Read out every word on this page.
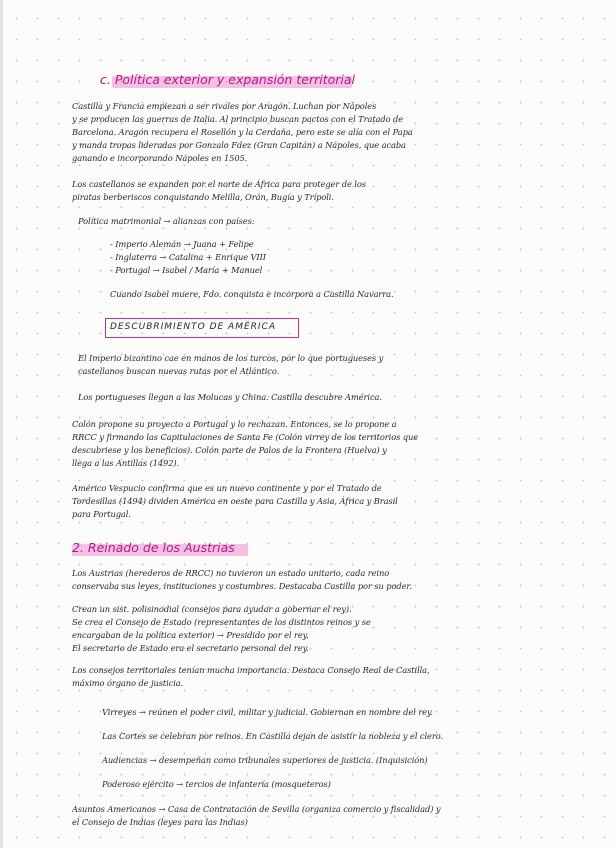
c. Política exterior y expansión territorial
Castilla y Francia empiezan a ser rivales por Aragón. Luchan por Nápoles
y se producen las guerras de Italia. Al principio buscan pactos con el Tratado de
Barcelona. Aragón recupera el Rosellón y la Cerdaña, pero este se alía con el Papa
y manda tropas lideradas por Gonzalo Fdez (Gran Capitán) a Nápoles, que acaba
ganando e incorporando Nápoles en 1505.
Los castellanos se expanden por el norte de África para proteger de los
piratas berberiscos conquistando Melilla, Orán, Bugía y Trípoli.
Política matrimonial → alianzas con países:
- Imperio Alemán → Juana + Felipe
- Inglaterra → Catalina + Enrique VIII
- Portugal → Isabel / María + Manuel
Cuando Isabel muere, Fdo. conquista e incorpora a Castilla Navarra.
DESCUBRIMIENTO DE AMÉRICA
El Imperio bizantino cae en manos de los turcos, por lo que portugueses y
castellanos buscan nuevas rutas por el Atlántico.
Los portugueses llegan a las Molucas y China. Castilla descubre América.
Colón propone su proyecto a Portugal y lo rechazan. Entonces, se lo propone a
RRCC y firmando las Capitulaciones de Santa Fe (Colón virrey de los territorios que
descubriese y los beneficios). Colón parte de Palos de la Frontera (Huelva) y
llega a las Antillas (1492).
Américo Vespucio confirma que es un nuevo continente y por el Tratado de
Tordesillas (1494) dividen América en oeste para Castilla y Asia, África y Brasil
para Portugal.
2. Reinado de los Austrias
Los Austrias (herederos de RRCC) no tuvieron un estado unitario, cada reino
conservaba sus leyes, instituciones y costumbres. Destacaba Castilla por su poder.
Crean un sist. polisinodial (consejos para ayudar a gobernar el rey).
Se crea el Consejo de Estado (representantes de los distintos reinos y se
encargaban de la política exterior) → Presidido por el rey.
El secretario de Estado era el secretario personal del rey.
Los consejos territoriales tenían mucha importancia. Destaca Consejo Real de Castilla,
máximo órgano de justicia.
Virreyes → reúnen el poder civil, militar y judicial. Gobiernan en nombre del rey.
Las Cortes se celebran por reinos. En Castilla dejan de asistir la nobleza y el clero.
Audiencias → desempeñan como tribunales superiores de justicia. (Inquisición)
Poderoso ejército → tercios de infantería (mosqueteros)
Asuntos Americanos → Casa de Contratación de Sevilla (organiza comercio y fiscalidad) y
el Consejo de Indias (leyes para las Indias)
